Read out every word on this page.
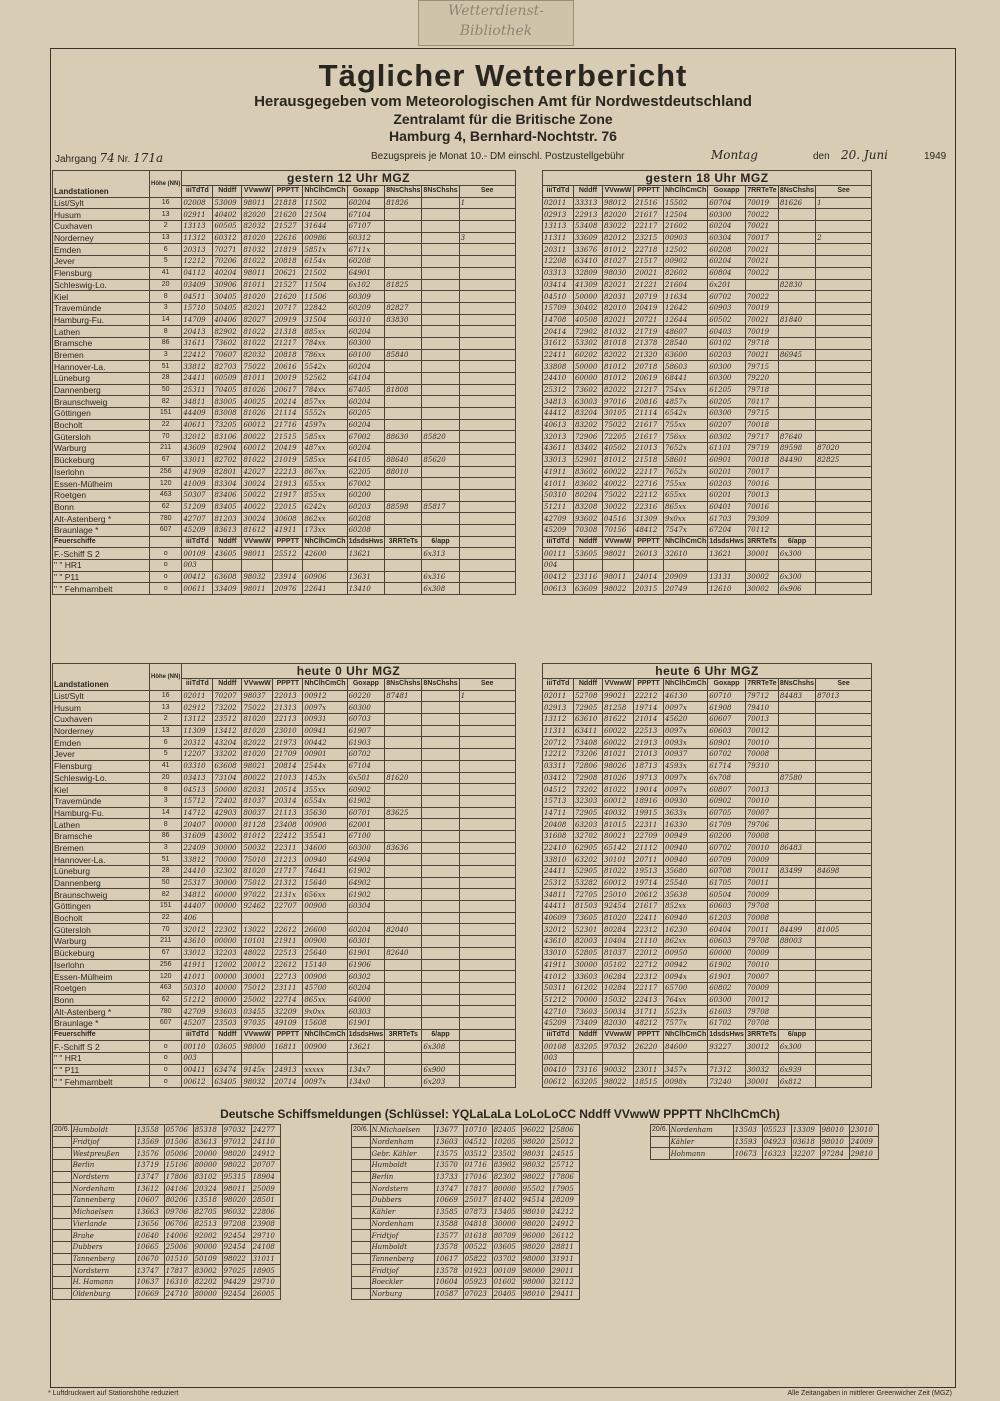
Wetterdienst-
Bibliothek
Täglicher Wetterbericht
Herausgegeben vom Meteorologischen Amt für Nordwestdeutschland
Zentralamt für die Britische Zone
Hamburg 4, Bernhard-Nochtstr. 76
Jahrgang 74 Nr. 171a	Bezugspreis je Monat 10.- DM einschl. Postzustellgebühr	Montag	den 20. Juni	1949
Landstationen	Höhe (NN)	gestern 12 Uhr MGZ								
		iiiTdTd	Nddff	VVwwW	PPPTT	NhClhCmCh	Goxapp	8NsChshs	8NsChshs	See
List/Sylt	16	02008	53009	98011	21818	11502	60204	81826		1
Husum	13	02911	40402	82020	21620	21504	67104			
Cuxhaven	2	13113	60505	82032	21527	31644	67107			
Norderney	13	11312	60312	81020	22616	00986	60312			3
Emden	6	20313	70271	81032	21819	5851x	6711x			
Jever	5	12212	70206	81022	20818	6154x	60208			
Flensburg	41	04112	40204	98011	20621	21502	64901			
Schleswig-Lo.	20	03409	30906	81011	21527	11504	6x102	81825		
Kiel	8	04511	30405	81020	21620	11506	60309			
Travemünde	3	15710	50405	82021	20717	22842	60209	82827		
Hamburg-Fu.	14	14709	40406	82027	20919	31504	60310	83830		
Lathen	8	20413	82902	81022	21318	885xx	60204			
Bramsche	86	31611	73602	81022	21217	784xx	60300			
Bremen	3	22412	70607	82032	20818	786xx	60100	85840		
Hannover-La.	51	33812	82703	75022	20616	5542x	60204			
Lüneburg	28	24411	60509	81011	20019	52562	64104			
Dannenberg	50	25311	70405	81026	20617	784xx	67405	81808		
Braunschweig	82	34811	83005	40025	20214	857xx	60204			
Göttingen	151	44409	83008	81026	21114	5552x	60205			
Bocholt	22	40611	73205	60012	21716	4597x	60204			
Gütersloh	70	32012	83106	80022	21515	585xx	67002	88630	85820	
Warburg	211	43609	82904	60012	20419	487xx	60204			
Bückeburg	67	33011	82702	81022	21019	585xx	64105	88640	85620	
Iserlohn	256	41909	82801	42027	22213	867xx	62205	88010		
Essen-Mülheim	120	41009	83304	30024	21913	655xx	67002			
Roetgen	463	50307	83406	50022	21917	855xx	60200			
Bonn	62	51209	83405	40022	22015	6242x	60203	88598	85817	
Alt-Astenberg *	780	42707	81203	30024	30608	862xx	60208			
Braunlage *	607	45209	83613	81612	41911	173xx	60208			
Feuerschiffe		iiiTdTd	Nddff	VVwwW	PPPTT	NhClhCmCh	1dsdsHws	3RRTeTs	6/app	
F.-Schiff S 2	o	00109	43605	98011	25512	42600	13621		6x313	
" " HR1	o	003								
" " P11	o	00412	63608	98032	23914	60906	13631		6x316	
" " Fehmarnbelt	o	00611	33409	98011	20976	22641	13410		6x308	
gestern 18 Uhr MGZ								
iiiTdTd	Nddff	VVwwW	PPPTT	NhClhCmCh	Goxapp	7RRTeTe	8NsChshs	See
02011	33313	98012	21516	15502	60704	70019	81626	1
02913	22913	82020	21617	12504	60300	70022		
13113	53408	83022	22117	21602	60204	70021		
11311	33609	82012	23215	00903	60304	70017		2
20311	33676	81012	22718	12502	60208	70021		
12208	63410	81027	21517	00902	60204	70021		
03313	32809	98030	20021	82602	60804	70022		
03414	41309	82021	21221	21604	6x201		82830	
04510	50000	82031	20719	11634	60702	70022		
15709	30402	82010	20419	12642	60903	70019		
14708	40508	82021	20721	12644	60502	70021	81840	
20414	72902	81032	21719	48607	60403	70019		
31612	53302	81018	21378	28540	60102	79718		
22411	60202	82022	21320	63600	60203	70021	86945	
33808	50000	81012	20718	58603	60300	79715		
24410	60000	81012	20619	68441	60300	79220		
25312	73602	82022	21217	754xx	61205	79718		
34813	63003	97016	20816	4857x	60205	70117		
44412	83204	30105	21114	6542x	60300	79715		
40613	83202	75022	21617	755xx	60207	70018		
32013	72906	72205	21617	756xx	60302	79717	87640	
43611	83402	40502	21013	7652x	61101	79719	89598	87020
33013	52901	81012	21518	58601	60901	70018	84490	82825
41911	83602	60022	22117	7652x	60201	70017		
41011	83602	40022	22716	755xx	60203	70016		
50310	80204	75022	22112	655xx	60201	70013		
51211	83208	30022	22316	865xx	60401	70016		
42709	93602	04516	31309	9x0xx	61703	79309		
45209	70308	70156	48412	7547x	67204	70112		
iiiTdTd	Nddff	VVwwW	PPPTT	NhClhCmCh	1dsdsHws	3RRTeTs	6/app	
00111	53605	98021	26013	32610	13621	30001	6x300	
004								
00412	23116	98011	24014	20909	13131	30002	6x300	
00613	63609	98022	20315	20749	12610	30002	6x906	
Landstationen	Höhe (NN)	heute 0 Uhr MGZ								
		iiiTdTd	Nddff	VVwwW	PPPTT	NhClhCmCh	Goxapp	8NsChshs	8NsChshs	See
List/Sylt	16	02011	70207	98037	22013	00912	60220	87481		1
Husum	13	02912	73202	75022	21313	0097x	60300			
Cuxhaven	2	13112	23512	81020	22113	00931	60703			
Norderney	13	11309	13412	81020	23010	00941	61907			
Emden	6	20312	43204	82022	21973	00442	61903			
Jever	5	12207	33202	81020	21709	00901	60702			
Flensburg	41	03310	63608	98021	20814	2544x	67104			
Schleswig-Lo.	20	03413	73104	80022	21013	1453x	6x501	81620		
Kiel	8	04513	50000	82031	20514	355xx	60902			
Travemünde	3	15712	72402	81037	20314	6554x	61902			
Hamburg-Fu.	14	14712	42903	80037	21113	35630	60701	83625		
Lathen	8	20407	00000	81128	23408	00900	62001			
Bramsche	86	31609	43002	81012	22412	35541	67100			
Bremen	3	22409	30000	50032	22311	34600	60300	83636		
Hannover-La.	51	33812	70000	75010	21213	00940	64904			
Lüneburg	28	24410	32302	81020	21717	74641	61902			
Dannenberg	50	25317	30000	75012	21312	15640	64902			
Braunschweig	82	34812	60000	97022	2131x	656xx	61902			
Göttingen	151	44407	00000	92462	22707	00900	60304			
Bocholt	22	406								
Gütersloh	70	32012	22302	13022	22612	26600	60204	82040		
Warburg	211	43610	00000	10101	21911	00900	60301			
Bückeburg	67	33012	32203	48022	22513	25640	61901	82640		
Iserlohn	256	41911	12002	20012	22612	15140	61906			
Essen-Mülheim	120	41011	00000	30001	22713	00900	60302			
Roetgen	463	50310	40000	75012	23111	45700	60204			
Bonn	62	51212	80000	25002	22714	865xx	64000			
Alt-Astenberg *	780	42709	93603	03455	32209	9x0xx	60303			
Braunlage *	607	45207	23503	97035	49109	15608	61901			
Feuerschiffe		iiiTdTd	Nddff	VVwwW	PPPTT	NhClhCmCh	1dsdsHws	3RRTeTs	6/app	
F.-Schiff S 2	o	00110	03605	98000	16811	00900	13621		6x308	
" " HR1	o	003								
" " P11	o	00411	63474	9145x	24913	xxxxx	134x7		6x900	
" " Fehmarnbelt	o	00612	63405	98032	20714	0097x	134x0		6x203	
heute 6 Uhr MGZ								
iiiTdTd	Nddff	VVwwW	PPPTT	NhClhCmCh	Goxapp	7RRTeTe	8NsChshs	See
02011	52708	99021	22212	46130	60710	79712	84483	87013
02913	72905	81258	19714	0097x	61908	79410		
13112	63610	81622	21014	45620	60607	70013		
11311	63411	60022	22513	0097x	60603	70012		
20712	73408	60022	21913	0093x	60901	70010		
12212	73206	81021	21013	00937	60702	70008		
03311	72806	98026	18713	4593x	61714	79310		
03412	72908	81026	19713	0097x	6x708		87580	
04512	73202	81022	19014	0097x	60807	70013		
15713	32303	60012	18916	00930	60902	70010		
14711	72905	40032	19915	3633x	60705	70007		
20408	63203	81015	22311	16330	61709	79706		
31608	32702	80021	22709	00949	60200	70008		
22410	62905	65142	21112	00940	60702	70010	86483	
33810	63202	30101	20711	00940	60709	70009		
24411	52905	81022	19513	35680	60708	70011	83499	84698
25312	53282	60012	19714	25540	61705	70011		
34811	72705	25010	20612	35638	60504	70009		
44411	81503	92454	21617	852xx	60603	79708		
40609	73605	81020	22411	60940	61203	70008		
32012	52301	80284	22312	16230	60404	70011	84499	81005
43610	82003	10404	21110	862xx	60603	79708	88003	
33010	52805	81037	22012	00950	60000	70009		
41911	30000	05102	22712	00942	61902	70010		
41012	33603	06284	22312	0094x	61901	70007		
50311	61202	10284	22117	65700	60802	70009		
51212	70000	15032	22413	764xx	60300	70012		
42710	73603	50034	31711	5523x	61603	79708		
45209	73409	82030	48212	7577x	61702	70708		
iiiTdTd	Nddff	VVwwW	PPPTT	NhClhCmCh	1dsdsHws	3RRTeTs	6/app	
00108	83205	97032	26220	84600	93227	30012	6x300	
003								
00410	73116	90032	23011	3457x	71312	30032	6x939	
00612	63205	98022	18515	0098x	73240	30001	6x812	
Deutsche Schiffsmeldungen (Schlüssel: YQLaLaLa LoLoLoCC Nddff VVwwW PPPTT NhClhCmCh)
20/6.	Humboldt	13558	05706	85318	97032	24277
	Fridtjof	13569	01506	83613	97012	24110
	Westpreußen	13576	05006	20000	98020	24912
	Berlin	13719	15106	80000	98022	20707
	Nordstern	13747	17806	83102	95315	18904
	Nordenham	13612	04106	20324	98011	25009
	Tannenberg	10607	80206	13518	98020	28501
	Michaelsen	13663	09706	82705	96032	22806
	Vierlande	13656	06706	82513	97208	23908
	Brahe	10640	14006	92002	92454	29710
	Dubbers	10665	25006	90000	92454	24108
	Tannenberg	10670	01510	50109	98022	31011
	Nordstern	13747	17817	83002	97025	18905
	H. Hamann	10637	16310	82202	94429	29710
	Oldenburg	10669	24710	80000	92454	26005
20/6.	N.Michaelsen	13677	10710	82405	96022	25806
	Nordenham	13603	04512	10205	98020	25012
	Gebr. Kähler	13575	03512	23502	98031	24515
	Humboldt	13570	01716	83902	98032	25712
	Berlin	13733	17016	82302	98022	17806
	Nordstern	13747	17817	80000	95502	17905
	Dubbers	10669	25017	81402	94514	28209
	Kähler	13585	07873	13405	98010	24212
	Nordenham	13588	04818	30000	98020	24912
	Fridtjof	13577	01618	80709	96000	26112
	Humboldt	13578	00522	03605	98020	28811
	Tannenberg	10617	05822	03702	98000	31911
	Fridtjof	13578	01923	00109	98000	29011
	Boeckler	10604	05923	01602	98000	32112
	Norburg	10587	07023	20405	98010	29411
20/6.	Nordenham	13503	05523	13309	98010	23010
	Kähler	13593	04923	03618	98010	24009
	Hohmann	10673	16323	32207	97284	29810
* Luftdruckwert auf Stationshöhe reduziert	Alle Zeitangaben in mittlerer Greenwicher Zeit (MGZ)
